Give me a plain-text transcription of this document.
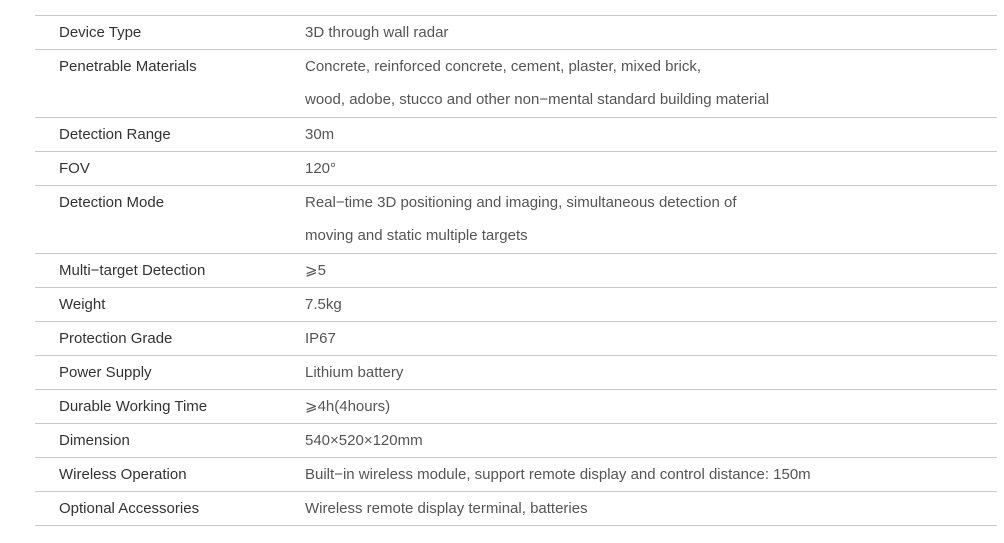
Device Type	3D through wall radar
Penetrable Materials	Concrete, reinforced concrete, cement, plaster, mixed brick,
	wood, adobe, stucco and other non−mental standard building material
Detection Range	30m
FOV	120°
Detection Mode	Real−time 3D positioning and imaging, simultaneous detection of
	moving and static multiple targets
Multi−target Detection	⩾5
Weight	7.5kg
Protection Grade	IP67
Power Supply	Lithium battery
Durable Working Time	⩾4h(4hours)
Dimension	540×520×120mm
Wireless Operation	Built−in wireless module, support remote display and control distance: 150m
Optional Accessories	Wireless remote display terminal, batteries
